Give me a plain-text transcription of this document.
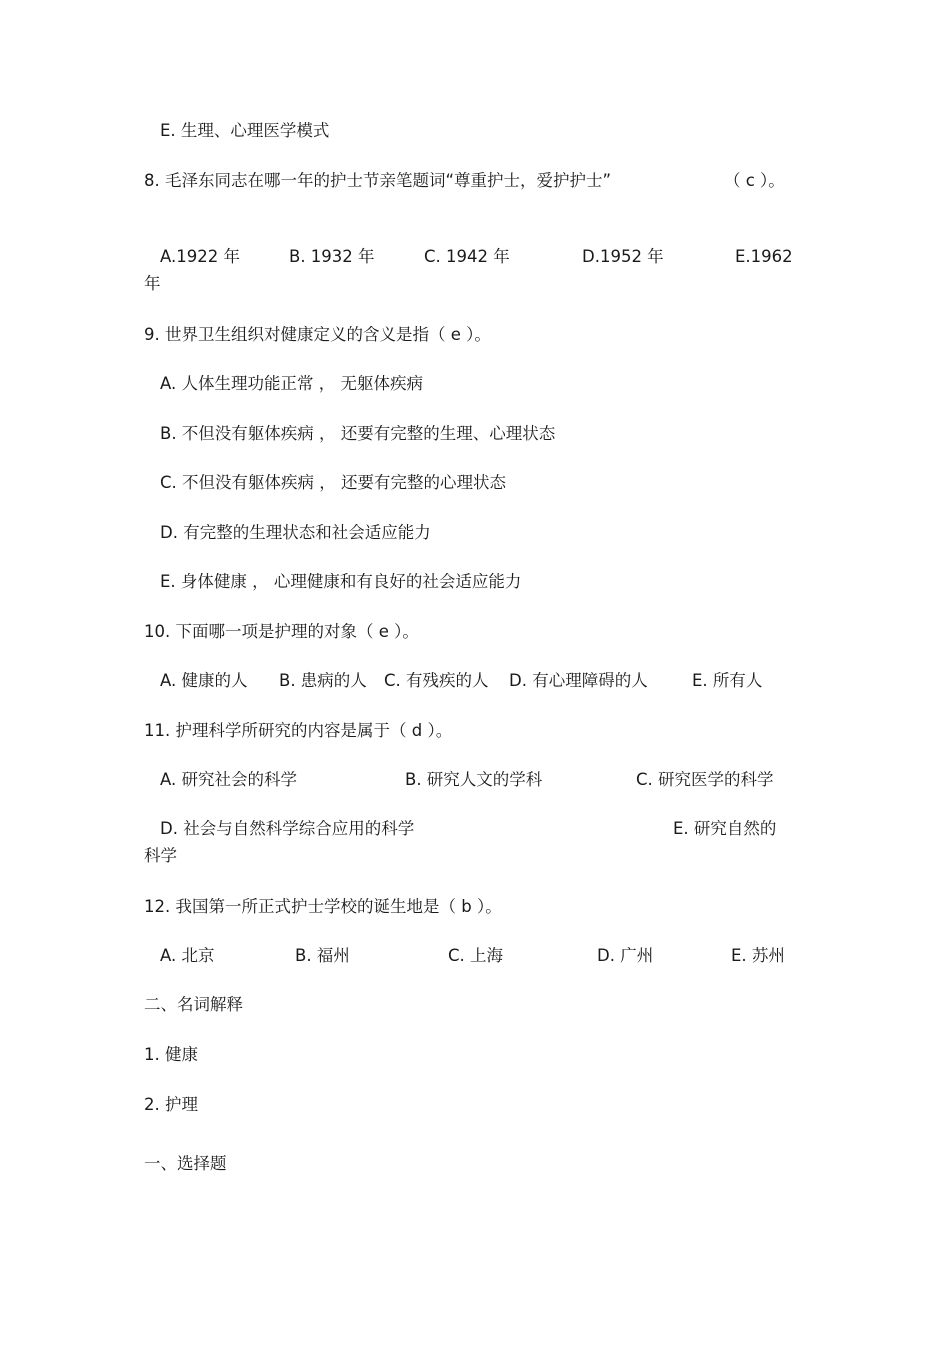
E. 生理、心理医学模式
8. 毛泽东同志在哪一年的护士节亲笔题词“尊重护士，爱护护士”	（ c ）。
A.1922 年	B. 1932 年	C. 1942 年	D.1952 年	E.1962
年
9. 世界卫生组织对健康定义的含义是指（ e ）。
A. 人体生理功能正常 ， 无躯体疾病
B. 不但没有躯体疾病 ， 还要有完整的生理、心理状态
C. 不但没有躯体疾病 ， 还要有完整的心理状态
D. 有完整的生理状态和社会适应能力
E. 身体健康 ， 心理健康和有良好的社会适应能力
10. 下面哪一项是护理的对象（ e ）。
A. 健康的人 B. 患病的人 C. 有残疾的人 D. 有心理障碍的人	E. 所有人
11. 护理科学所研究的内容是属于（ d ）。
A. 研究社会的科学	B. 研究人文的学科	C. 研究医学的科学
D. 社会与自然科学综合应用的科学	E. 研究自然的
科学
12. 我国第一所正式护士学校的诞生地是（ b ）。
A. 北京	B. 福州	C. 上海	D. 广州	E. 苏州
二、名词解释
1. 健康
2. 护理
一、选择题
